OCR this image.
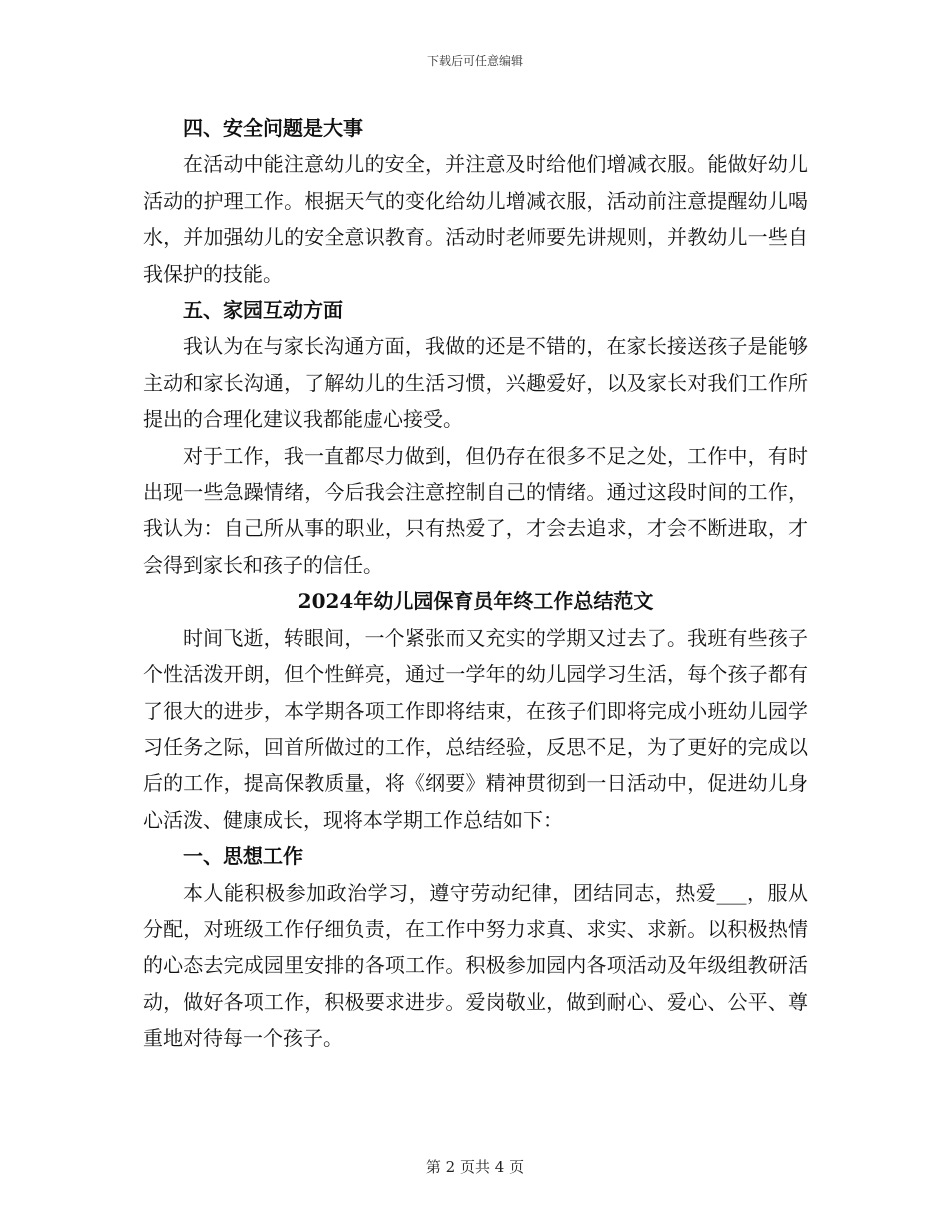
下载后可任意编辑

四、安全问题是大事

在活动中能注意幼儿的安全，并注意及时给他们增减衣服。能做好幼儿活动的护理工作。根据天气的变化给幼儿增减衣服，活动前注意提醒幼儿喝水，并加强幼儿的安全意识教育。活动时老师要先讲规则，并教幼儿一些自我保护的技能。

五、家园互动方面

我认为在与家长沟通方面，我做的还是不错的，在家长接送孩子是能够主动和家长沟通，了解幼儿的生活习惯，兴趣爱好，以及家长对我们工作所提出的合理化建议我都能虚心接受。

对于工作，我一直都尽力做到，但仍存在很多不足之处，工作中，有时出现一些急躁情绪，今后我会注意控制自己的情绪。通过这段时间的工作，我认为：自己所从事的职业，只有热爱了，才会去追求，才会不断进取，才会得到家长和孩子的信任。

2024年幼儿园保育员年终工作总结范文

时间飞逝，转眼间，一个紧张而又充实的学期又过去了。我班有些孩子个性活泼开朗，但个性鲜亮，通过一学年的幼儿园学习生活，每个孩子都有了很大的进步，本学期各项工作即将结束，在孩子们即将完成小班幼儿园学习任务之际，回首所做过的工作，总结经验，反思不足，为了更好的完成以后的工作，提高保教质量，将《纲要》精神贯彻到一日活动中，促进幼儿身心活泼、健康成长，现将本学期工作总结如下：

一、思想工作

本人能积极参加政治学习，遵守劳动纪律，团结同志，热爱___，服从分配，对班级工作仔细负责，在工作中努力求真、求实、求新。以积极热情的心态去完成园里安排的各项工作。积极参加园内各项活动及年级组教研活动，做好各项工作，积极要求进步。爱岗敬业，做到耐心、爱心、公平、尊重地对待每一个孩子。

第 2 页共 4 页
